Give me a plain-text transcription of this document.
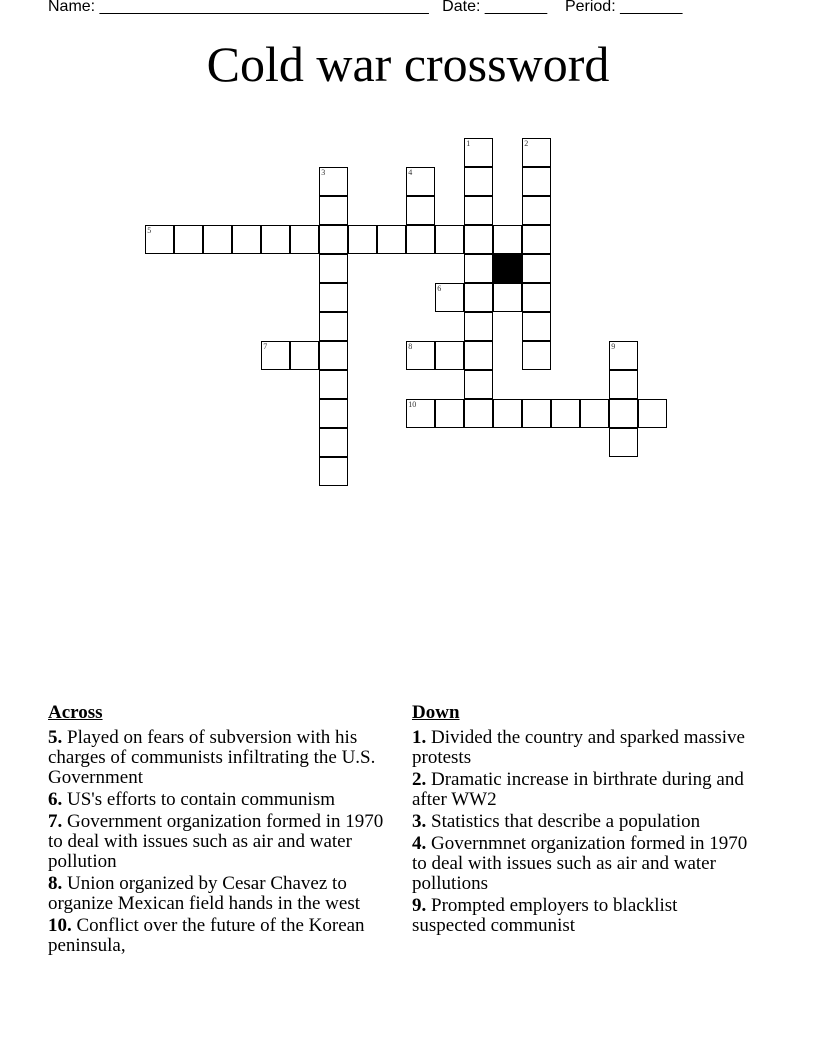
Name: _____________________________________ Date: _______ Period: _______
Cold war crossword
1	2
3	4
5
6
7	8	9
10
Across
5. Played on fears of subversion with his charges of communists infiltrating the U.S. Government
6. US's efforts to contain communism
7. Government organization formed in 1970 to deal with issues such as air and water pollution
8. Union organized by Cesar Chavez to organize Mexican field hands in the west
10. Conflict over the future of the Korean peninsula,
Down
1. Divided the country and sparked massive protests
2. Dramatic increase in birthrate during and after WW2
3. Statistics that describe a population
4. Governmnet organization formed in 1970 to deal with issues such as air and water pollutions
9. Prompted employers to blacklist suspected communist
